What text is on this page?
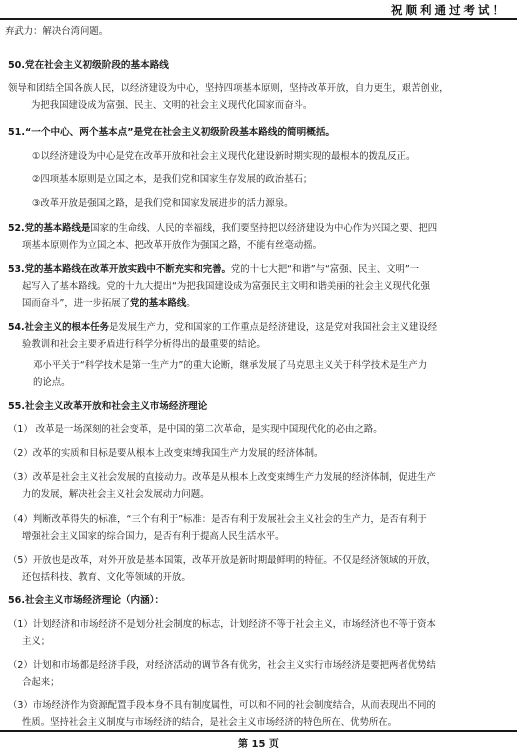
祝顺利通过考试！
弃武力：解决台湾问题。
50.党在社会主义初级阶段的基本路线
领导和团结全国各族人民，以经济建设为中心，坚持四项基本原则，坚持改革开放，自力更生，艰苦创业，
为把我国建设成为富强、民主、文明的社会主义现代化国家而奋斗。
51.“一个中心、两个基本点”是党在社会主义初级阶段基本路线的简明概括。
①以经济建设为中心是党在改革开放和社会主义现代化建设新时期实现的最根本的拨乱反正。
②四项基本原则是立国之本，是我们党和国家生存发展的政治基石；
③改革开放是强国之路，是我们党和国家发展进步的活力源泉。
52.党的基本路线是国家的生命线、人民的幸福线，我们要坚持把以经济建设为中心作为兴国之要、把四
项基本原则作为立国之本、把改革开放作为强国之路，不能有丝毫动摇。
53.党的基本路线在改革开放实践中不断充实和完善。党的十七大把“和谐”与“富强、民主、文明”一
起写入了基本路线。党的十九大提出“为把我国建设成为富强民主文明和谐美丽的社会主义现代化强
国而奋斗”，进一步拓展了党的基本路线。
54.社会主义的根本任务是发展生产力，党和国家的工作重点是经济建设，这是党对我国社会主义建设经
验教训和社会主要矛盾进行科学分析得出的最重要的结论。
邓小平关于“科学技术是第一生产力”的重大论断，继承发展了马克思主义关于科学技术是生产力
的论点。
55.社会主义改革开放和社会主义市场经济理论
（1） 改革是一场深刻的社会变革，是中国的第二次革命，是实现中国现代化的必由之路。
（2）改革的实质和目标是要从根本上改变束缚我国生产力发展的经济体制。
（3）改革是社会主义社会发展的直接动力。改革是从根本上改变束缚生产力发展的经济体制，促进生产
力的发展，解决社会主义社会发展动力问题。
（4）判断改革得失的标准，“三个有利于”标准：是否有利于发展社会主义社会的生产力，是否有利于
增强社会主义国家的综合国力，是否有利于提高人民生活水平。
（5）开放也是改革，对外开放是基本国策，改革开放是新时期最鲜明的特征。不仅是经济领域的开放，
还包括科技、教育、文化等领域的开放。
56.社会主义市场经济理论（内涵）：
（1）计划经济和市场经济不是划分社会制度的标志，计划经济不等于社会主义，市场经济也不等于资本
主义；
（2）计划和市场都是经济手段，对经济活动的调节各有优劣，社会主义实行市场经济是要把两者优势结
合起来；
（3）市场经济作为资源配置手段本身不具有制度属性，可以和不同的社会制度结合，从而表现出不同的
性质。坚持社会主义制度与市场经济的结合，是社会主义市场经济的特色所在、优势所在。
第 15 页
